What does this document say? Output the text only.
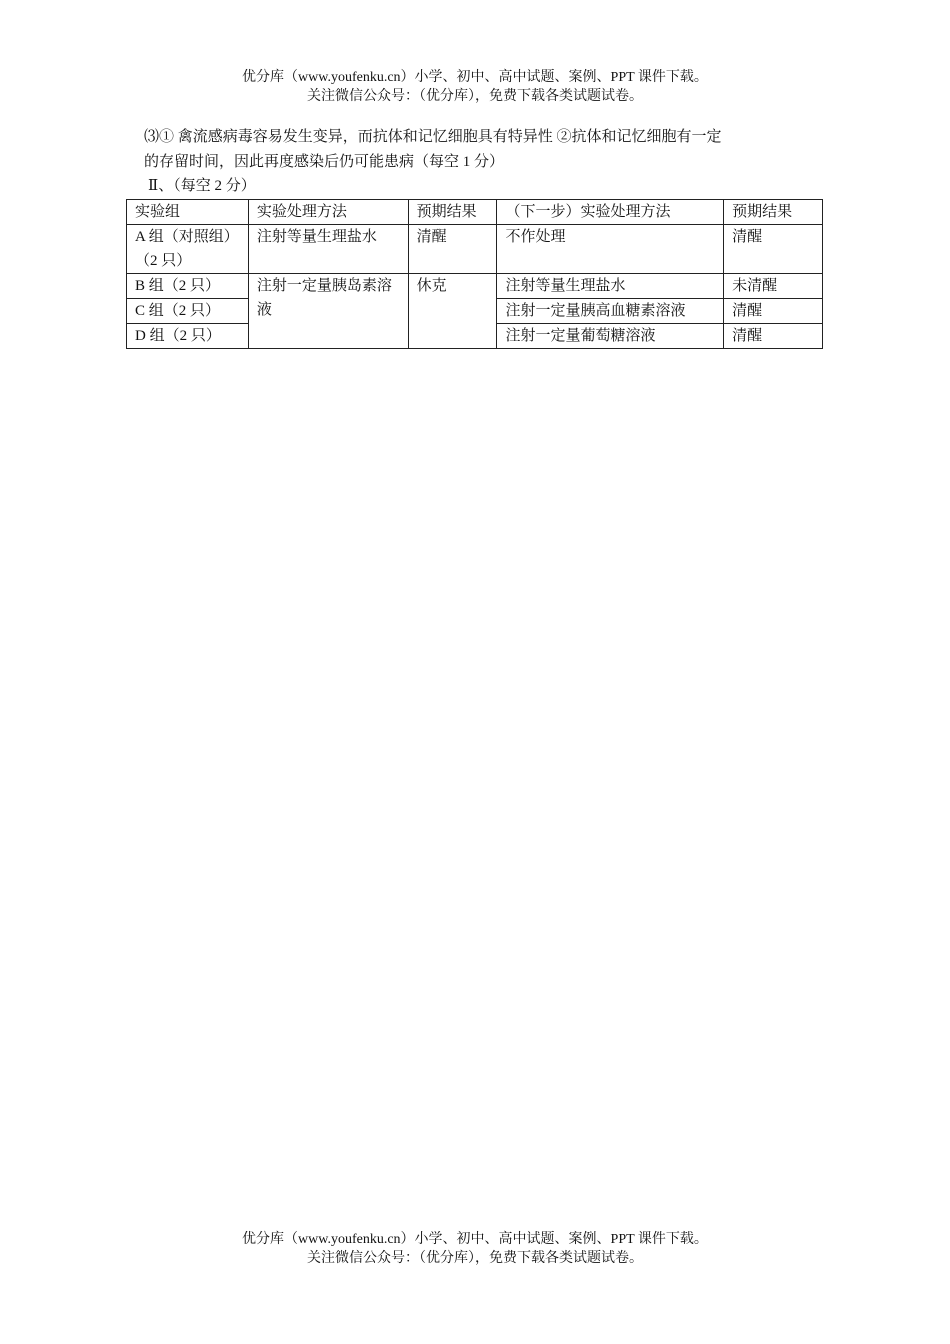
优分库（www.youfenku.cn）小学、初中、高中试题、案例、PPT 课件下载。
关注微信公众号：（优分库），免费下载各类试题试卷。
⑶① 禽流感病毒容易发生变异，而抗体和记忆细胞具有特异性 ②抗体和记忆细胞有一定
的存留时间，因此再度感染后仍可能患病（每空 1 分）
Ⅱ、（每空 2 分）
实验组	实验处理方法	预期结果	（下一步）实验处理方法	预期结果
A 组（对照组）（2 只）	注射等量生理盐水	清醒	不作处理	清醒
B 组（2 只）	注射一定量胰岛素溶液	休克	注射等量生理盐水	未清醒
C 组（2 只）			注射一定量胰高血糖素溶液	清醒
D 组（2 只）			注射一定量葡萄糖溶液	清醒
优分库（www.youfenku.cn）小学、初中、高中试题、案例、PPT 课件下载。
关注微信公众号：（优分库），免费下载各类试题试卷。
